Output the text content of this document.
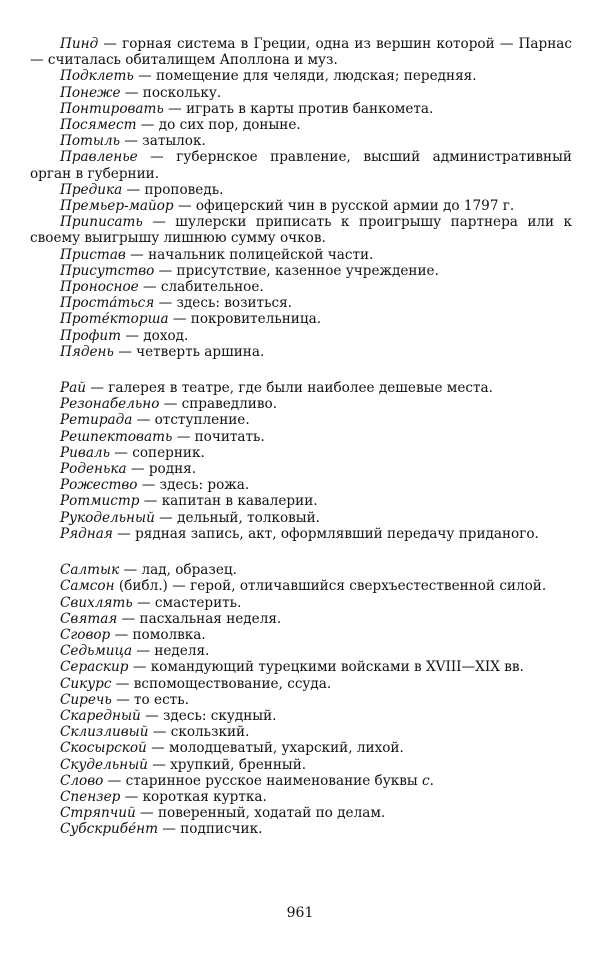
Пинд — горная система в Греции, одна из вершин которой — Парнас — считалась обиталищем Аполлона и муз.

Подклеть — помещение для челяди, людская; передняя.

Понеже — поскольку.

Понтировать — играть в карты против банкомета.

Посямест — до сих пор, доныне.

Потыль — затылок.

Правленье — губернское правление, высший административный орган в губернии.

Предика — проповедь.

Премьер-майор — офицерский чин в русской армии до 1797 г.

Приписать — шулерски приписать к проигрышу партнера или к своему выигрышу лишнюю сумму очков.

Пристав — начальник полицейской части.

Присутство — присутствие, казенное учреждение.

Проносное — слабительное.

Проста́ться — здесь: возиться.

Проте́кторша — покровительница.

Профит — доход.

Пядень — четверть аршина.

Рай — галерея в театре, где были наиболее дешевые места.

Резонабельно — справедливо.

Ретирада — отступление.

Решпектовать — почитать.

Риваль — соперник.

Роденька — родня.

Рожество — здесь: рожа.

Ротмистр — капитан в кавалерии.

Рукодельный — дельный, толковый.

Рядная — рядная запись, акт, оформлявший передачу приданого.

Салтык — лад, образец.

Самсон (библ.) — герой, отличавшийся сверхъестественной силой.

Свихлять — смастерить.

Святая — пасхальная неделя.

Сговор — помолвка.

Седьмица — неделя.

Сераскир — командующий турецкими войсками в XVIII—XIX вв.

Сикурс — вспомоществование, ссуда.

Сиречь — то есть.

Скаредный — здесь: скудный.

Склизливый — скользкий.

Скосырской — молодцеватый, ухарский, лихой.

Скудельный — хрупкий, бренный.

Слово — старинное русское наименование буквы с.

Спензер — короткая куртка.

Стряпчий — поверенный, ходатай по делам.

Субскрибе́нт — подписчик.

961
